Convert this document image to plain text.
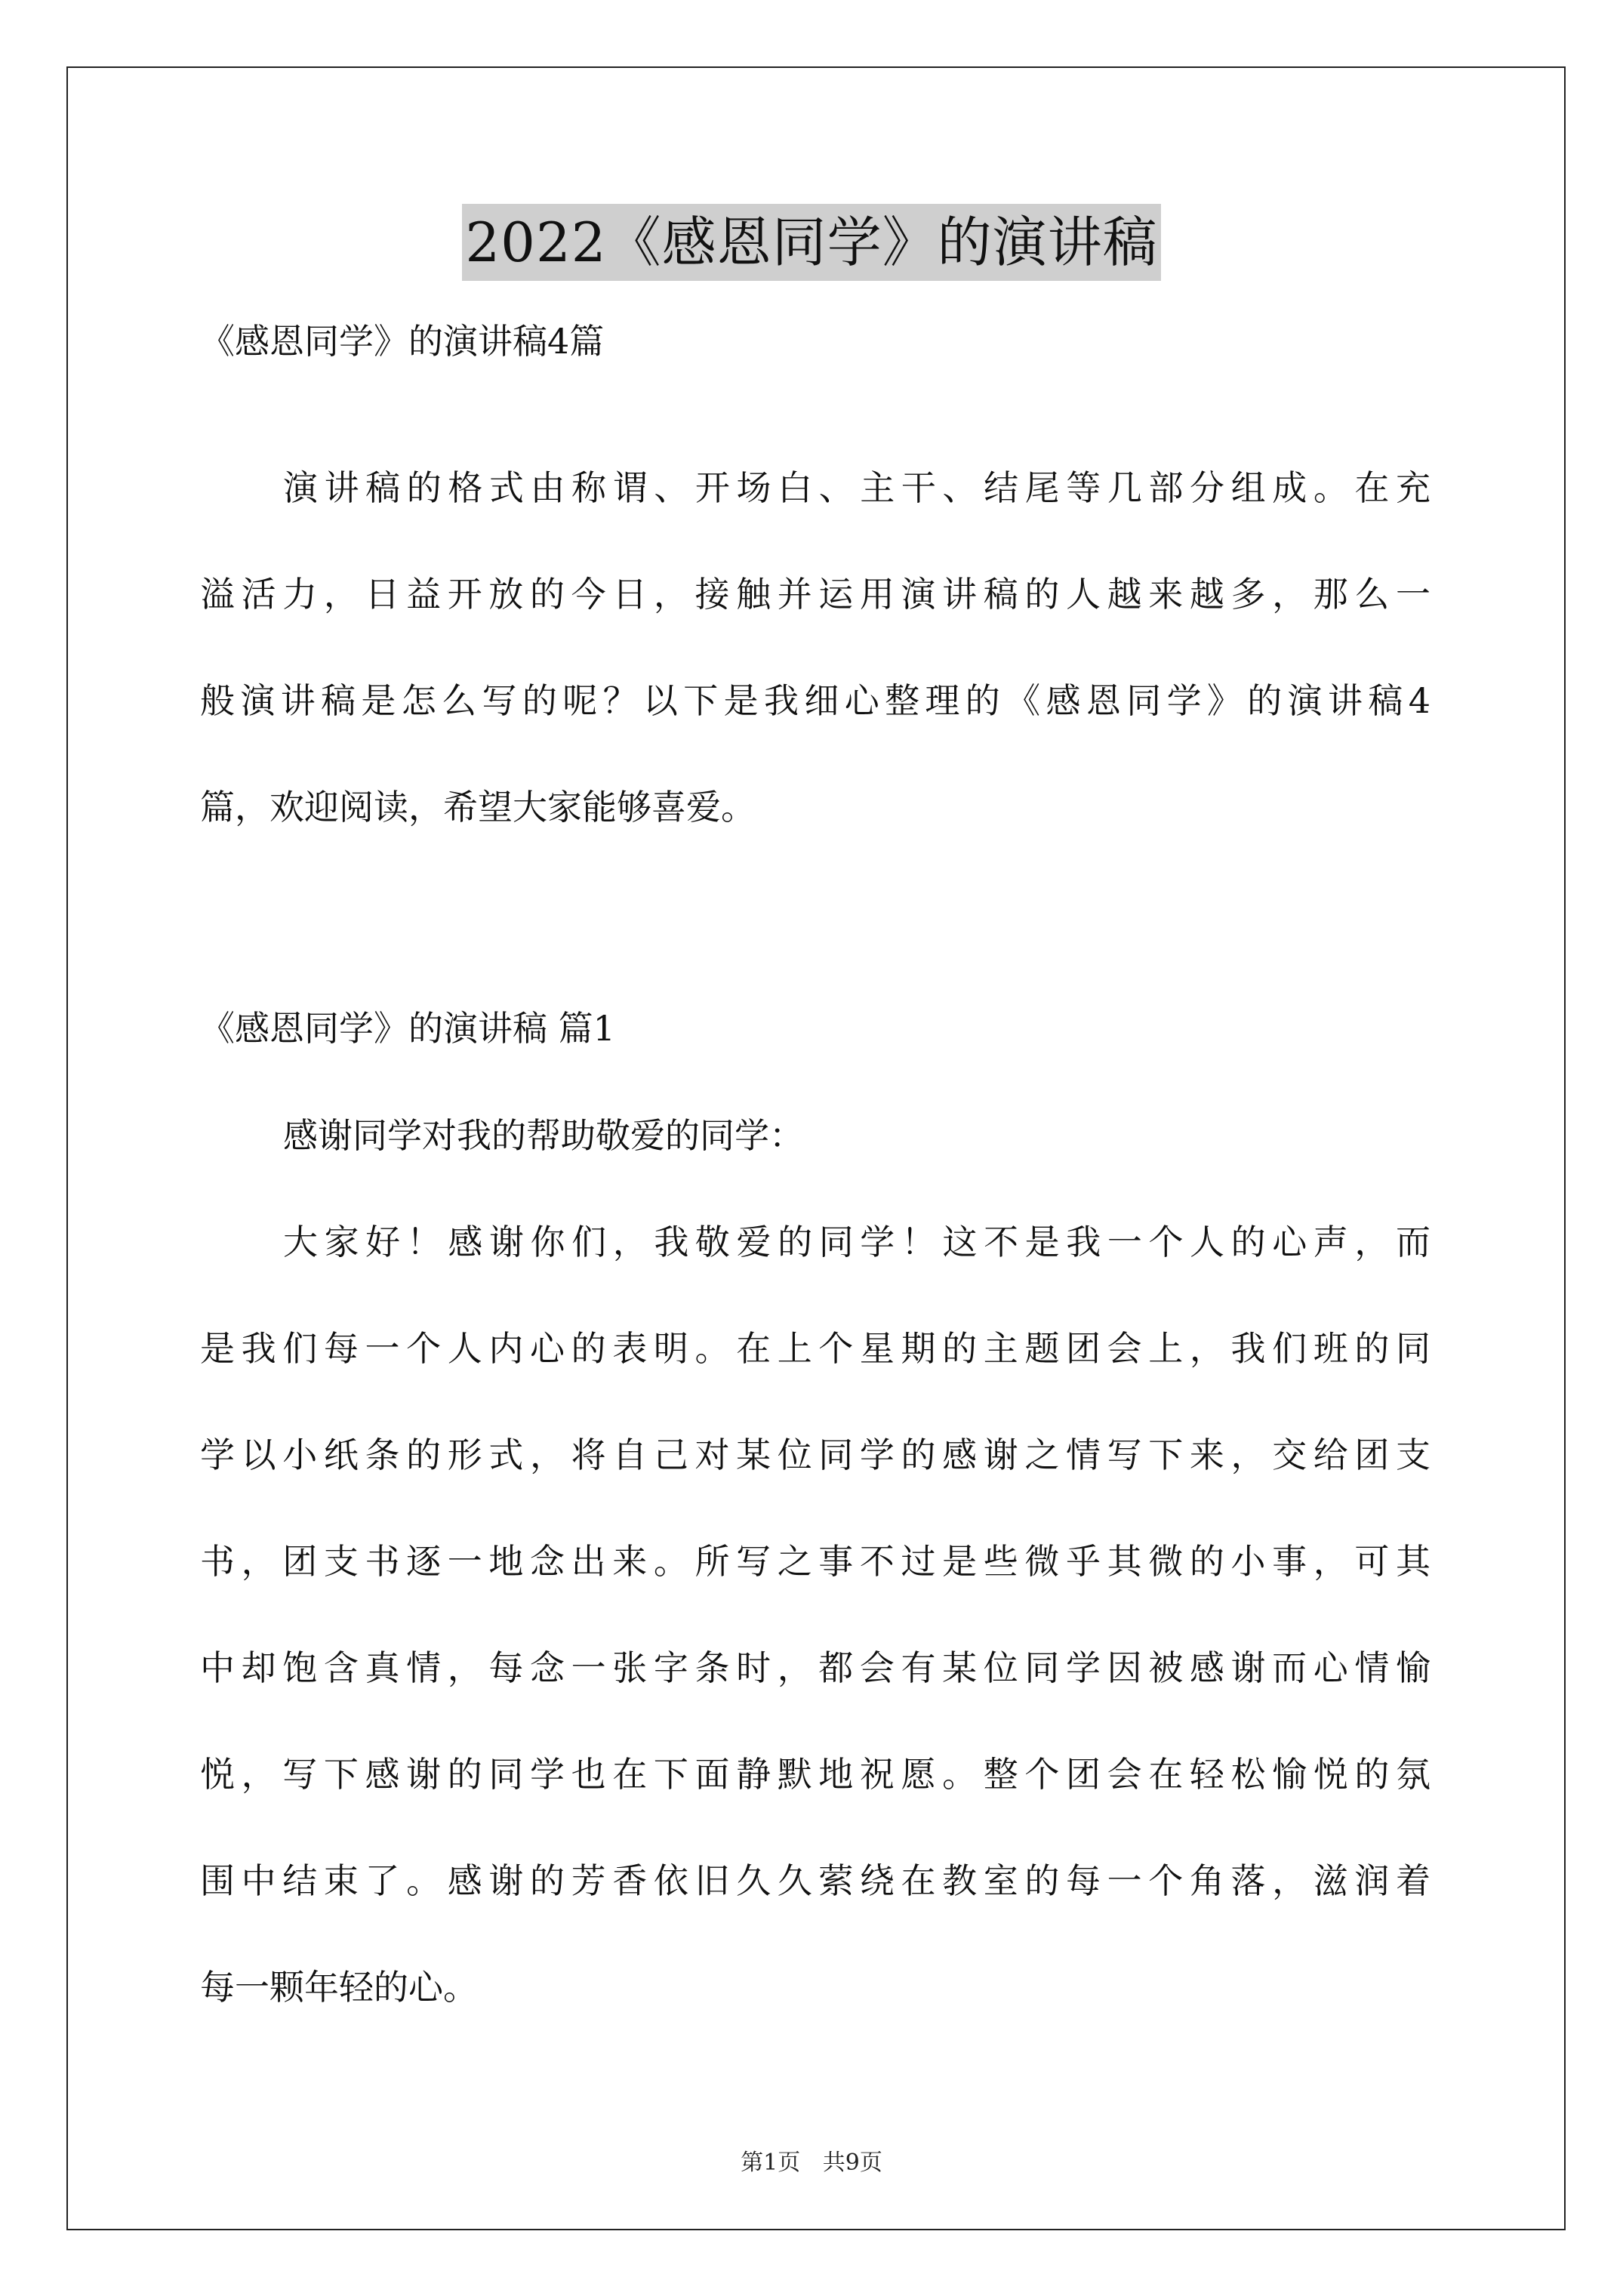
2022《感恩同学》的演讲稿
《感恩同学》的演讲稿4篇
演讲稿的格式由称谓、开场白、主干、结尾等几部分组成。在充
溢活力，日益开放的今日，接触并运用演讲稿的人越来越多，那么一
般演讲稿是怎么写的呢？以下是我细心整理的《感恩同学》的演讲稿4
篇，欢迎阅读，希望大家能够喜爱。
《感恩同学》的演讲稿 篇1
感谢同学对我的帮助敬爱的同学：
大家好！感谢你们，我敬爱的同学！这不是我一个人的心声，而
是我们每一个人内心的表明。在上个星期的主题团会上，我们班的同
学以小纸条的形式，将自己对某位同学的感谢之情写下来，交给团支
书，团支书逐一地念出来。所写之事不过是些微乎其微的小事，可其
中却饱含真情，每念一张字条时，都会有某位同学因被感谢而心情愉
悦，写下感谢的同学也在下面静默地祝愿。整个团会在轻松愉悦的氛
围中结束了。感谢的芳香依旧久久萦绕在教室的每一个角落，滋润着
每一颗年轻的心。
第1页 共9页
